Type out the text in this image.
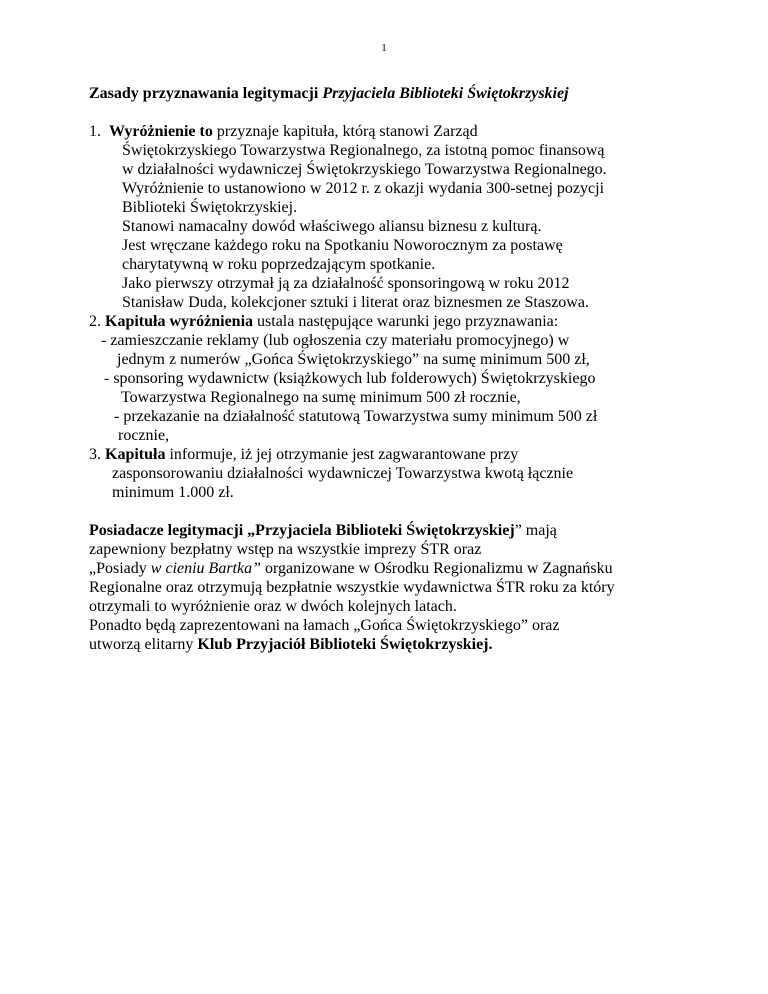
1
Zasady przyznawania legitymacji Przyjaciela Biblioteki Świętokrzyskiej
1. Wyróżnienie to przyznaje kapituła, którą stanowi Zarząd
Świętokrzyskiego Towarzystwa Regionalnego, za istotną pomoc finansową
w działalności wydawniczej Świętokrzyskiego Towarzystwa Regionalnego.
Wyróżnienie to ustanowiono w 2012 r. z okazji wydania 300-setnej pozycji
Biblioteki Świętokrzyskiej.
Stanowi namacalny dowód właściwego aliansu biznesu z kulturą.
Jest wręczane każdego roku na Spotkaniu Noworocznym za postawę
charytatywną w roku poprzedzającym spotkanie.
Jako pierwszy otrzymał ją za działalność sponsoringową w roku 2012
Stanisław Duda, kolekcjoner sztuki i literat oraz biznesmen ze Staszowa.
2. Kapituła wyróżnienia ustala następujące warunki jego przyznawania:
- zamieszczanie reklamy (lub ogłoszenia czy materiału promocyjnego) w
jednym z numerów „Gońca Świętokrzyskiego” na sumę minimum 500 zł,
- sponsoring wydawnictw (książkowych lub folderowych) Świętokrzyskiego
Towarzystwa Regionalnego na sumę minimum 500 zł rocznie,
- przekazanie na działalność statutową Towarzystwa sumy minimum 500 zł
rocznie,
3. Kapituła informuje, iż jej otrzymanie jest zagwarantowane przy
zasponsorowaniu działalności wydawniczej Towarzystwa kwotą łącznie
minimum 1.000 zł.
Posiadacze legitymacji „Przyjaciela Biblioteki Świętokrzyskiej” mają
zapewniony bezpłatny wstęp na wszystkie imprezy ŚTR oraz
„Posiady w cieniu Bartka” organizowane w Ośrodku Regionalizmu w Zagnańsku
Regionalne oraz otrzymują bezpłatnie wszystkie wydawnictwa ŚTR roku za który
otrzymali to wyróżnienie oraz w dwóch kolejnych latach.
Ponadto będą zaprezentowani na łamach „Gońca Świętokrzyskiego” oraz
utworzą elitarny Klub Przyjaciół Biblioteki Świętokrzyskiej.
